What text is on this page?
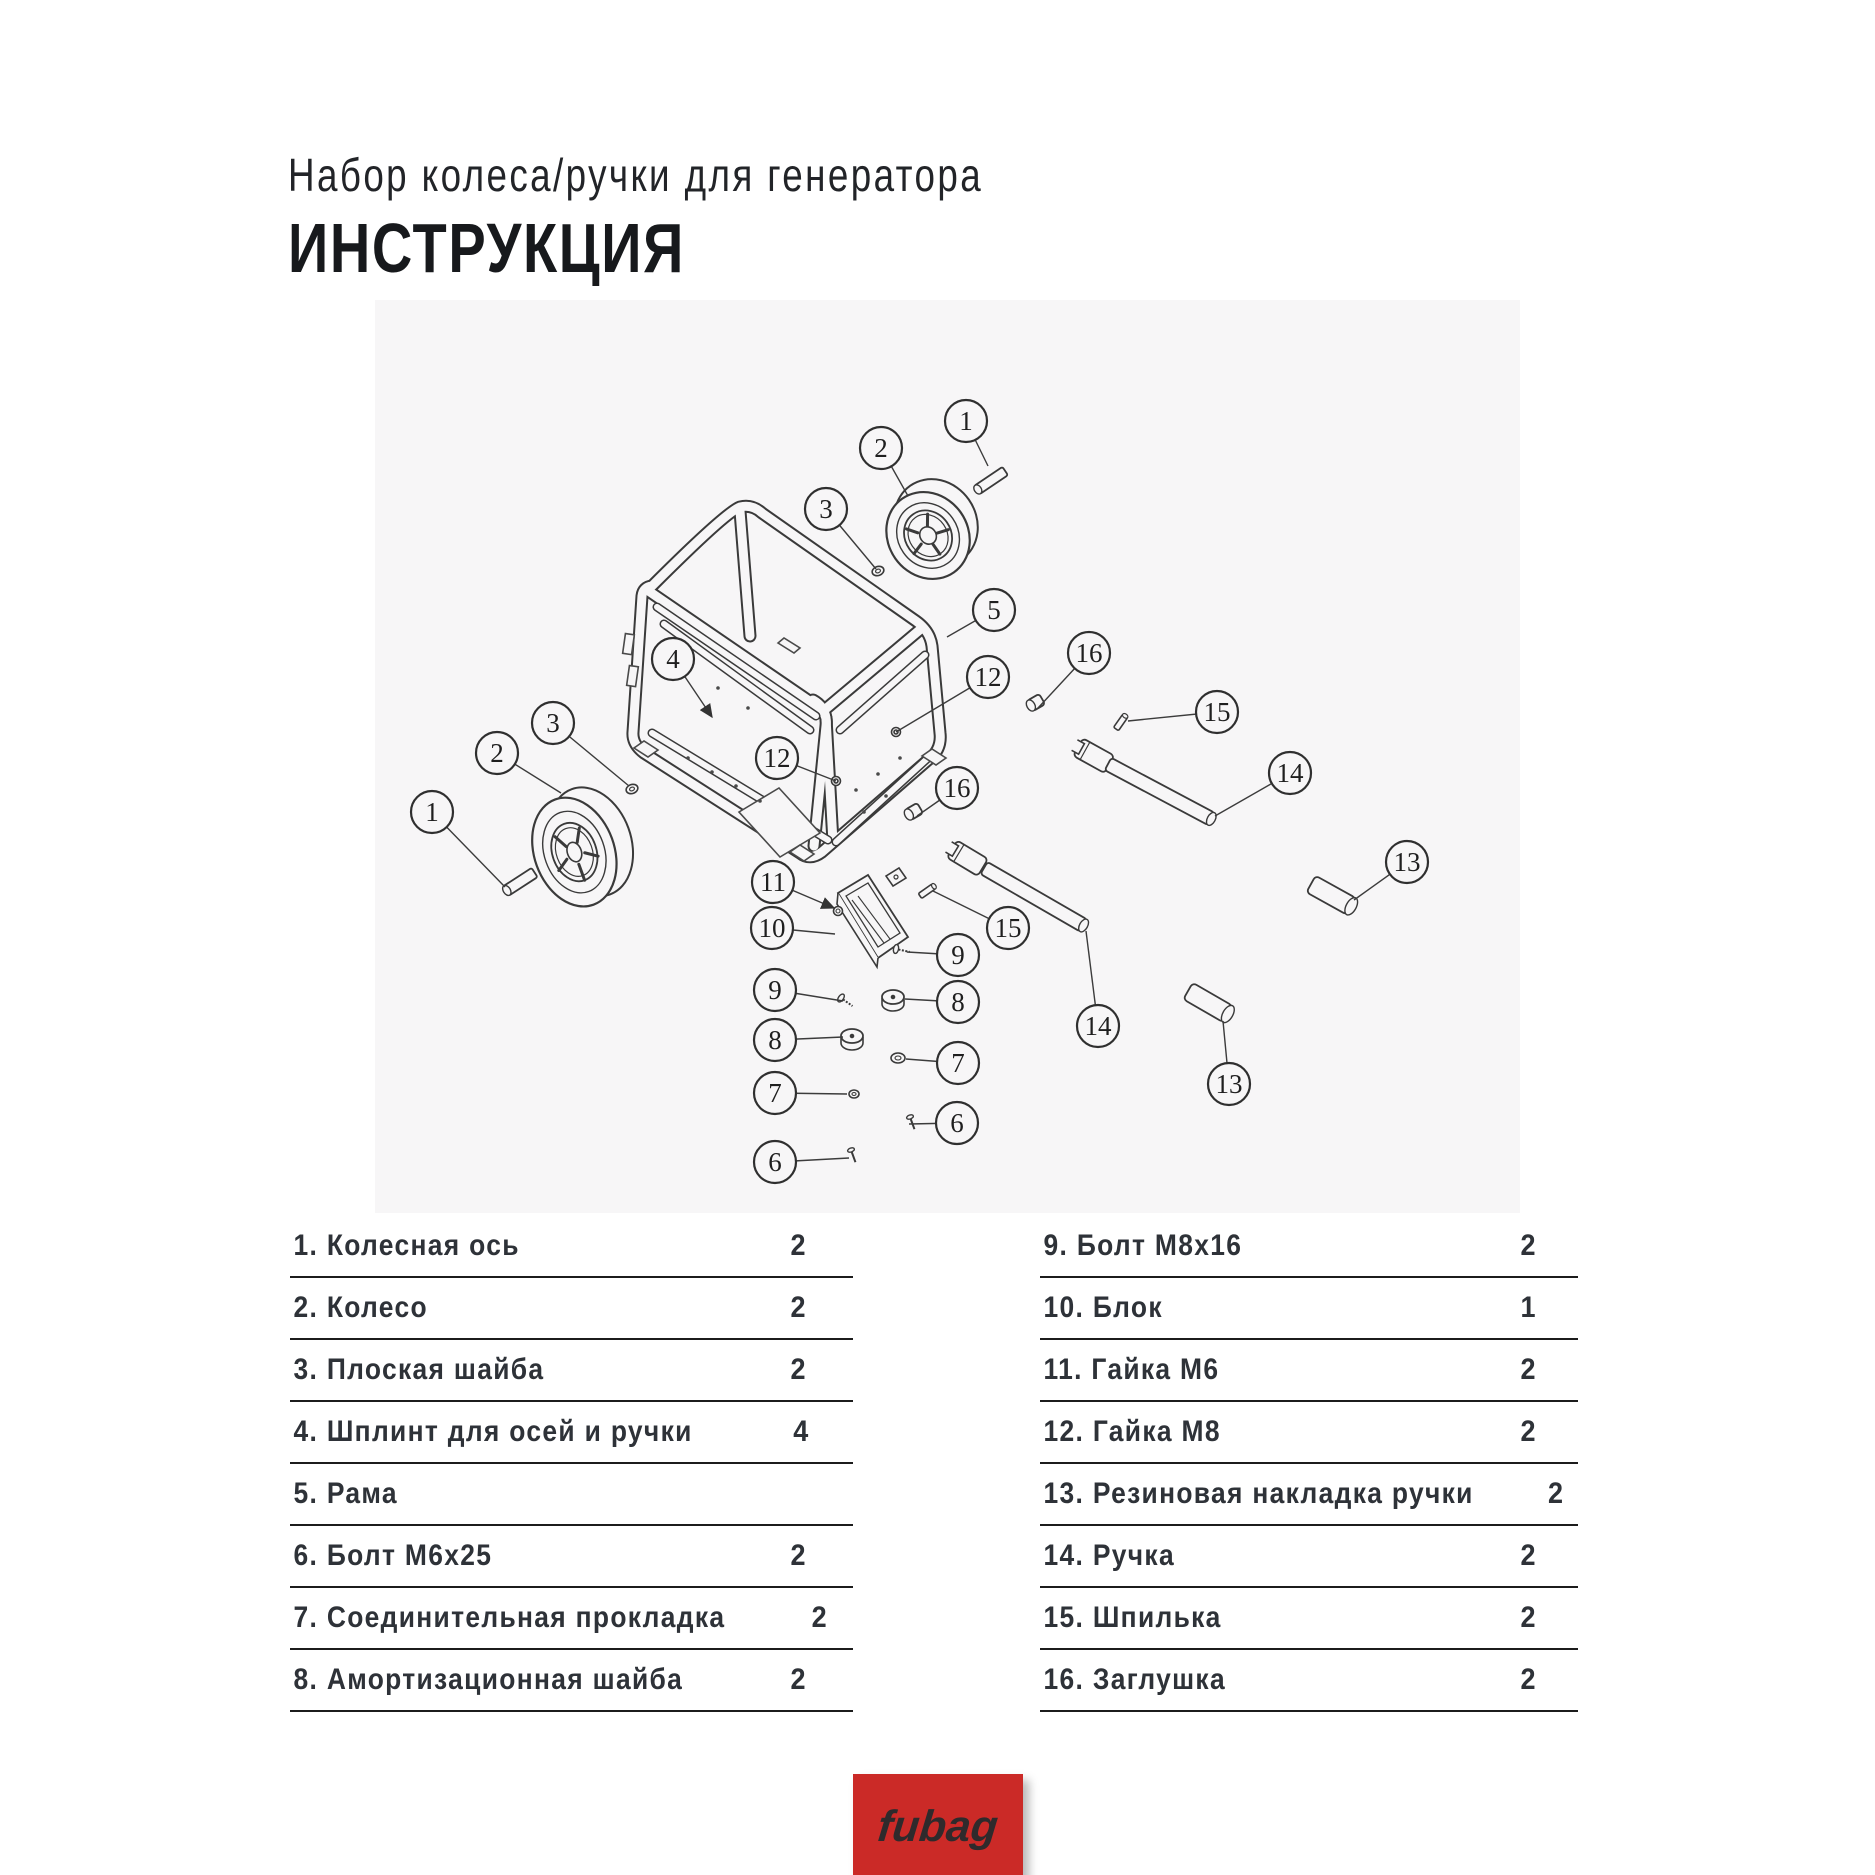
Набор колеса/ручки для генератора
ИНСТРУКЦИЯ
1
2
3
5
16
15
12
14
13
4
3
2
1
12
16
11
10	15
9
9	8
8
7
7
6
6
14
13
1. Колесная ось	2
2. Колесо	2
3. Плоская шайба	2
4. Шплинт для осей и ручки	4
5. Рама
6. Болт М6х25	2
7. Соединительная прокладка	2
8. Амортизационная шайба	2
9. Болт М8х16	2
10. Блок	1
11. Гайка М6	2
12. Гайка М8	2
13. Резиновая накладка ручки	2
14. Ручка	2
15. Шпилька	2
16. Заглушка	2
fubag
